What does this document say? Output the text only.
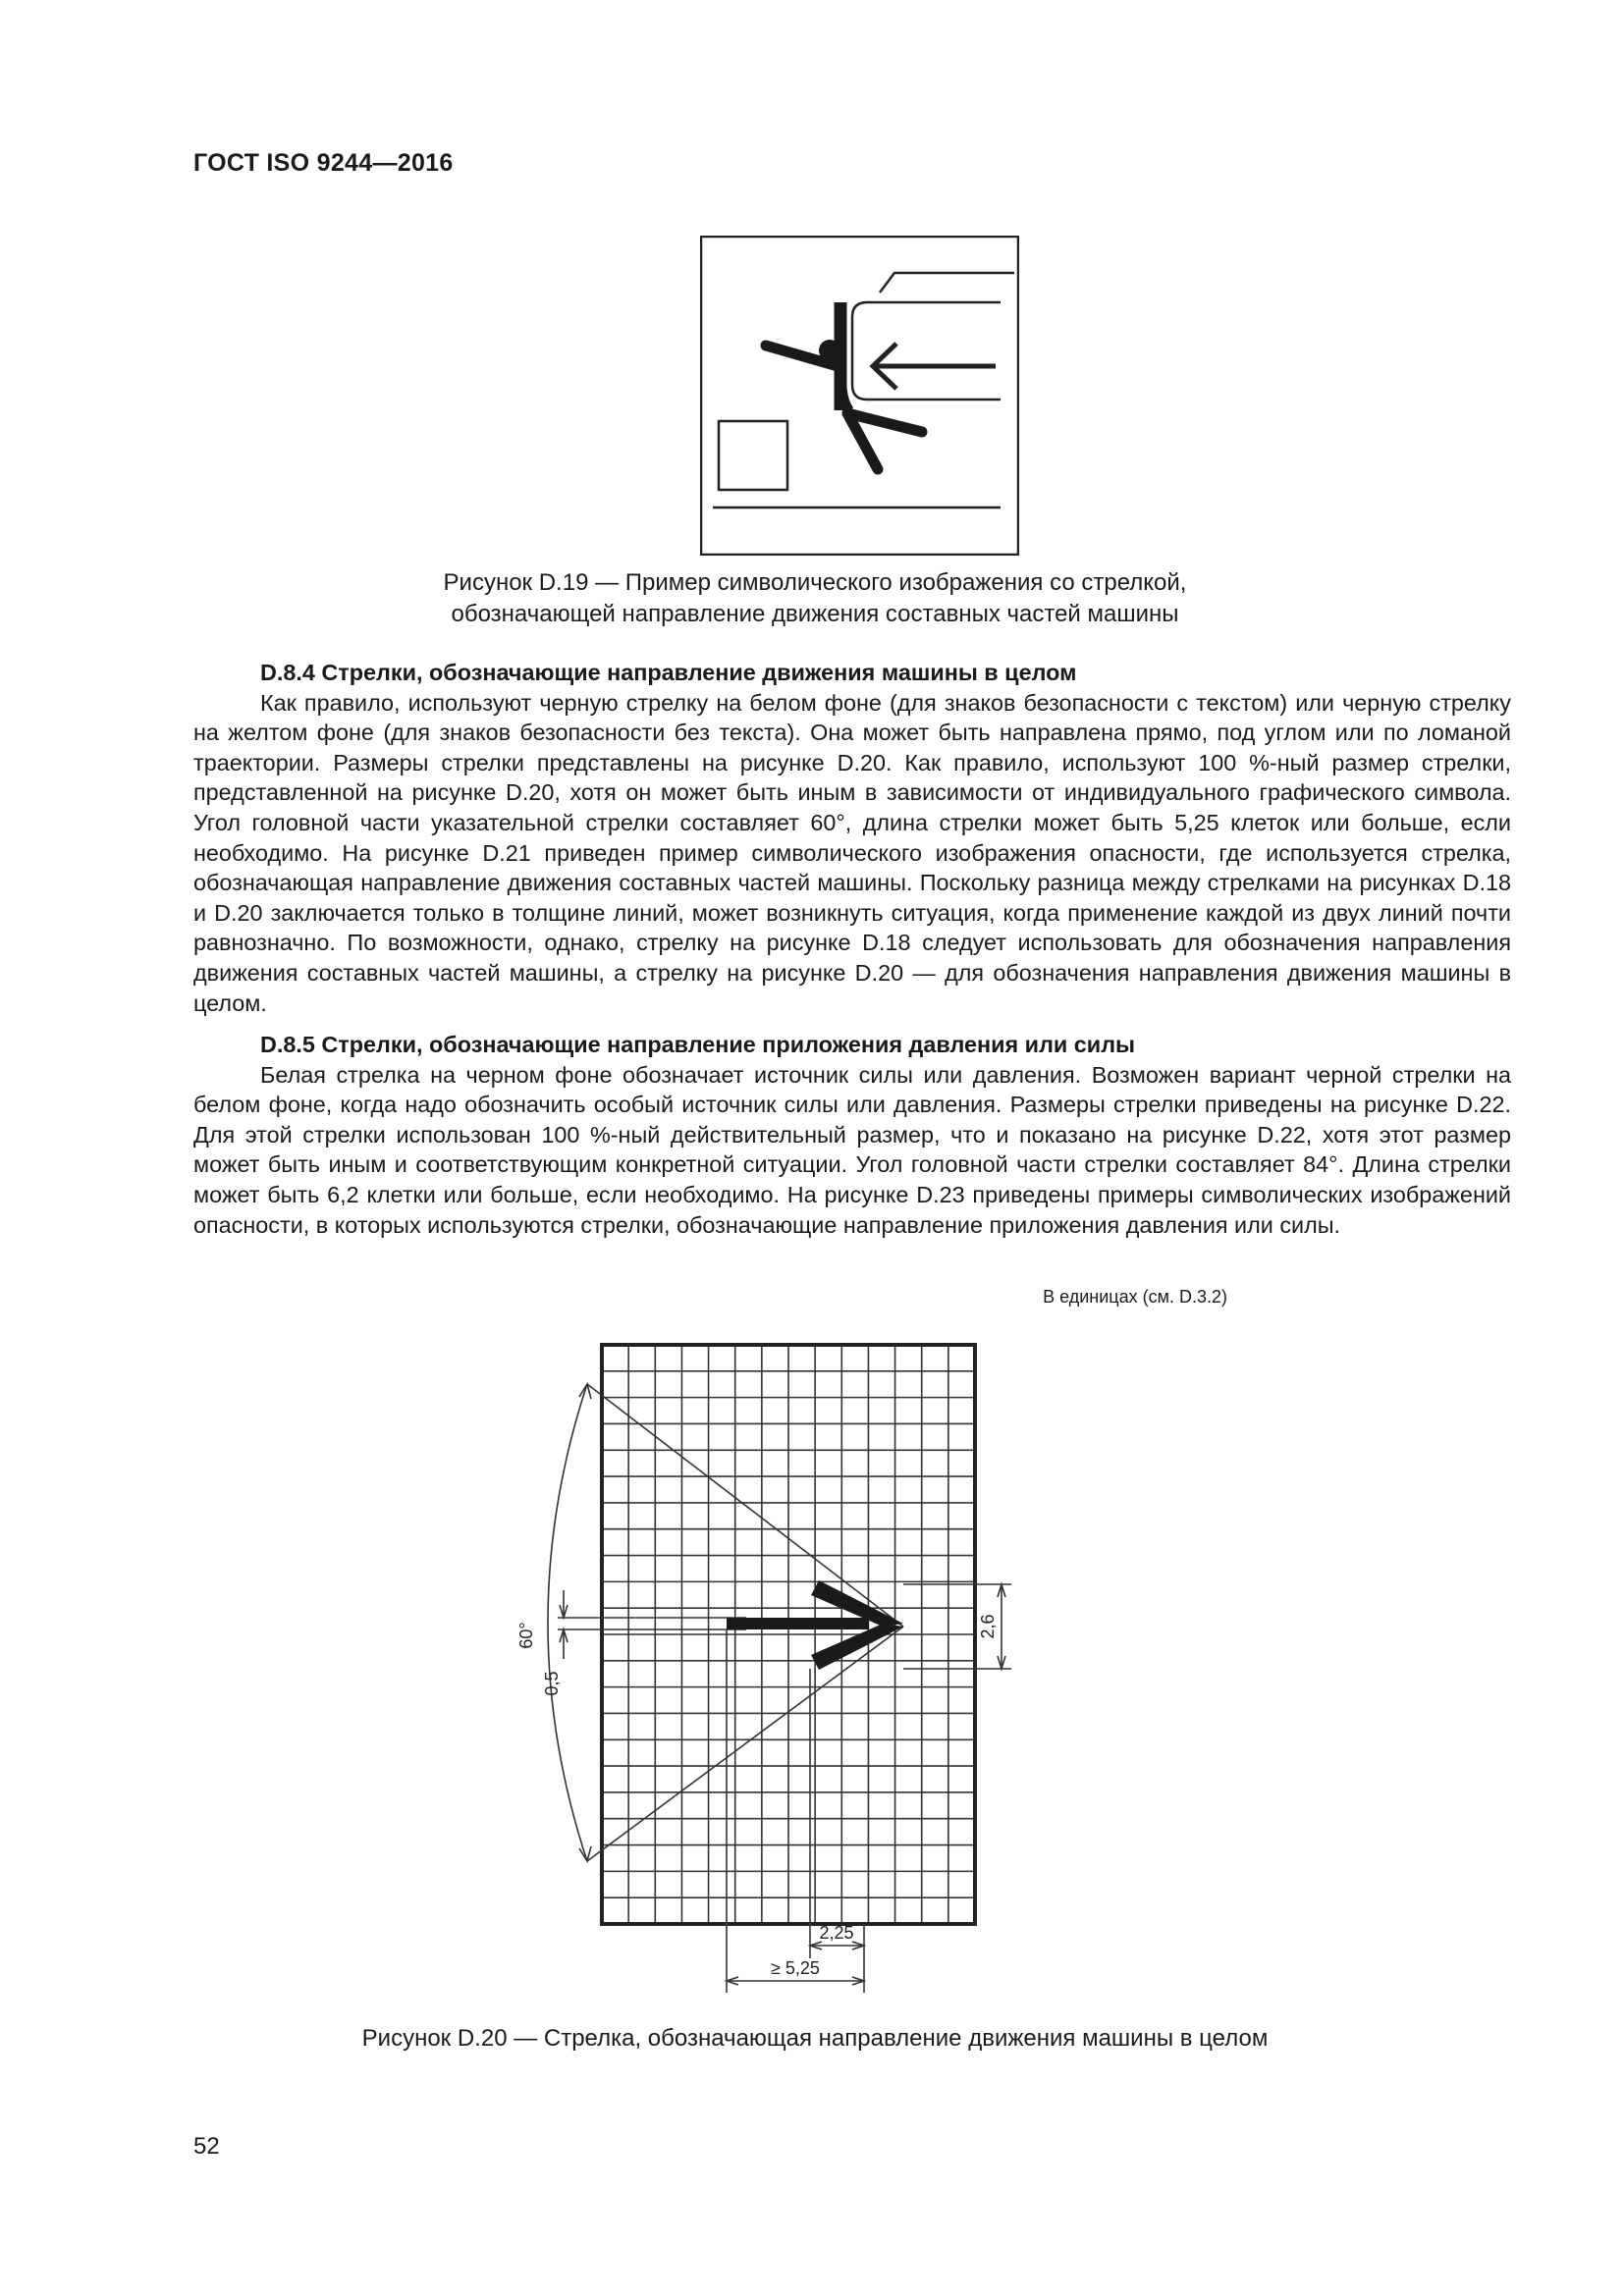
ГОСТ ISO 9244—2016
Рисунок D.19 — Пример символического изображения со стрелкой,
обозначающей направление движения составных частей машины
D.8.4 Стрелки, обозначающие направление движения машины в целом

Как правило, используют черную стрелку на белом фоне (для знаков безопасности с текстом) или черную стрелку на желтом фоне (для знаков безопасности без текста). Она может быть направлена прямо, под углом или по ломаной траектории. Размеры стрелки представлены на рисунке D.20. Как правило, используют 100 %-ный размер стрелки, представленной на рисунке D.20, хотя он может быть иным в зависимости от индивидуального графического символа. Угол головной части указательной стрелки составляет 60°, длина стрелки может быть 5,25 клеток или больше, если необходимо. На рисунке D.21 приведен пример символического изображения опасности, где используется стрелка, обозначающая направление движения составных частей машины. Поскольку разница между стрелками на рисунках D.18 и D.20 заключается только в толщине линий, может возникнуть ситуация, когда применение каждой из двух линий почти равнозначно. По возможности, однако, стрелку на рисунке D.18 следует использовать для обозначения направления движения составных частей машины, а стрелку на рисунке D.20 — для обозначения направления движения машины в целом.

D.8.5 Стрелки, обозначающие направление приложения давления или силы

Белая стрелка на черном фоне обозначает источник силы или давления. Возможен вариант черной стрелки на белом фоне, когда надо обозначить особый источник силы или давления. Размеры стрелки приведены на рисунке D.22. Для этой стрелки использован 100 %-ный действительный размер, что и показано на рисунке D.22, хотя этот размер может быть иным и соответствующим конкретной ситуации. Угол головной части стрелки составляет 84°. Длина стрелки может быть 6,2 клетки или больше, если необходимо. На рисунке D.23 приведены примеры символических изображений опасности, в которых используются стрелки, обозначающие направление приложения давления или силы.

В единицах (см. D.3.2)
60°
0,5
2,6
2,25
≥ 5,25
Рисунок D.20 — Стрелка, обозначающая направление движения машины в целом
52
